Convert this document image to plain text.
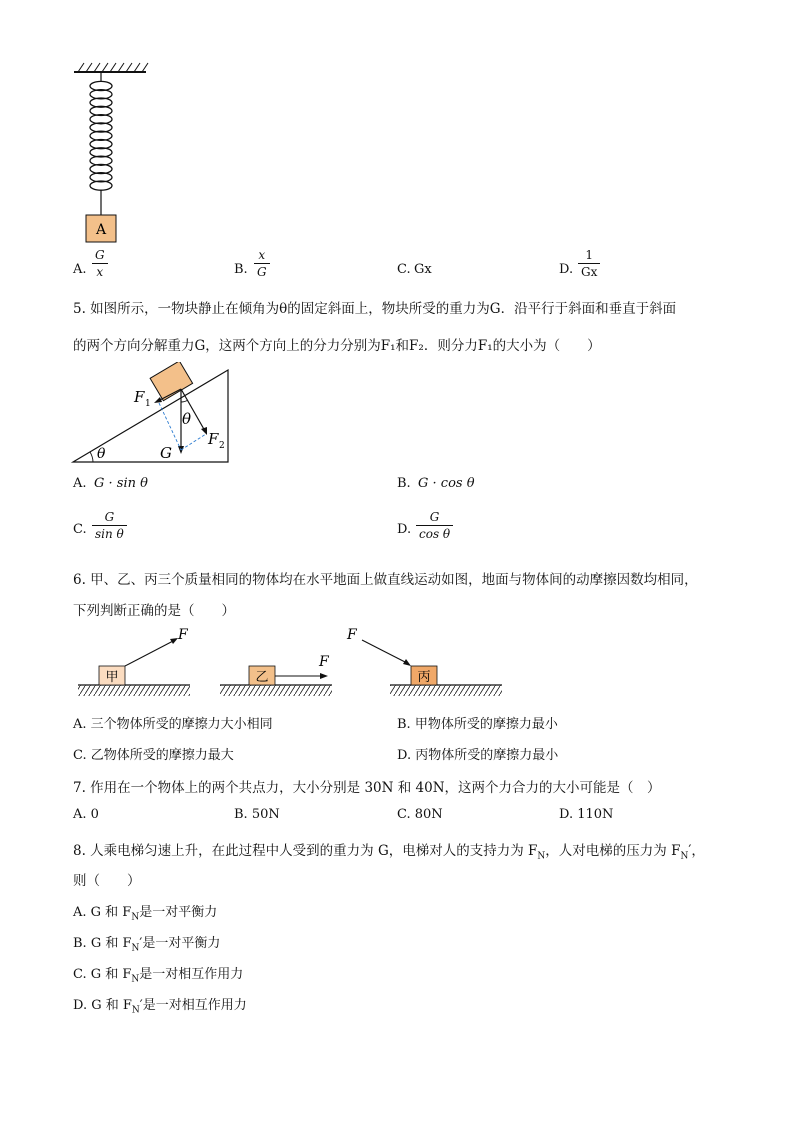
A
A.
G
x	B.
x
G	C. Gx	D.
1
Gx
5. 如图所示，一物块静止在倾角为θ的固定斜面上，物块所受的重力为G．沿平行于斜面和垂直于斜面
的两个方向分解重力G，这两个方向上的分力分别为F₁和F₂．则分力F₁的大小为（　　）
F 1
θ
F 2
G
θ
A. G · sin θ	B. G · cos θ
C.
G
sin θ	D.
G
cos θ
6. 甲、乙、丙三个质量相同的物体均在水平地面上做直线运动如图，地面与物体间的动摩擦因数均相同，
下列判断正确的是（　　）
甲
F
乙
F
丙
F
A. 三个物体所受的摩擦力大小相同	B. 甲物体所受的摩擦力最小
C. 乙物体所受的摩擦力最大	D. 丙物体所受的摩擦力最小
7. 作用在一个物体上的两个共点力，大小分别是 30N 和 40N，这两个力合力的大小可能是（　）
A. 0	B. 50N	C. 80N	D. 110N
8. 人乘电梯匀速上升，在此过程中人受到的重力为 G，电梯对人的支持力为 $F_N$，人对电梯的压力为 $F_N'$，
则（　　）
A. G 和 $F_N$是一对平衡力
B. G 和 $F_N'$是一对平衡力
C. G 和 $F_N$是一对相互作用力
D. G 和 $F_N'$是一对相互作用力
